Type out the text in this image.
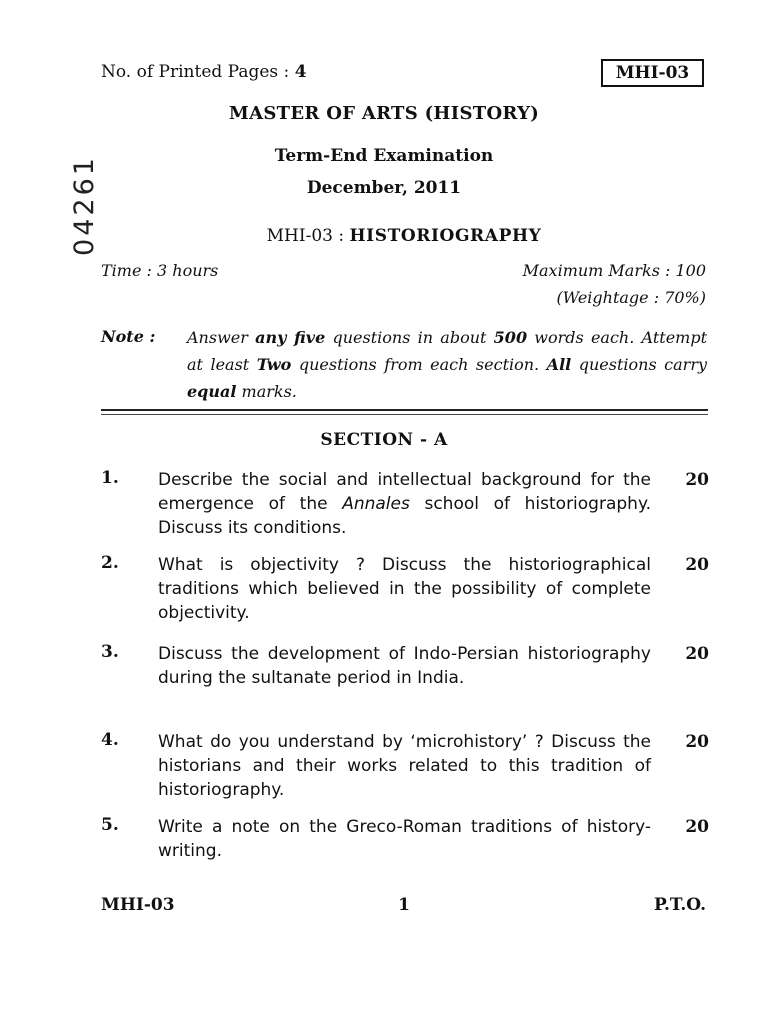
04261
No. of Printed Pages : 4	MHI-03
MASTER OF ARTS (HISTORY)
Term-End Examination
December, 2011
MHI-03 : HISTORIOGRAPHY
Time : 3 hours	Maximum Marks : 100
(Weightage : 70%)
Note : Answer any five questions in about 500 words each. Attempt at least Two questions from each section. All questions carry equal marks.
SECTION - A
1. Describe the social and intellectual background for the emergence of the Annales school of historiography. Discuss its conditions.
20
2. What is objectivity ? Discuss the historiographical traditions which believed in the possibility of complete objectivity.
20
3. Discuss the development of Indo-Persian historiography during the sultanate period in India.
20
4. What do you understand by ‘microhistory’ ? Discuss the historians and their works related to this tradition of historiography.
20
5. Write a note on the Greco-Roman traditions of history-writing.
20
MHI-03	1	P.T.O.
